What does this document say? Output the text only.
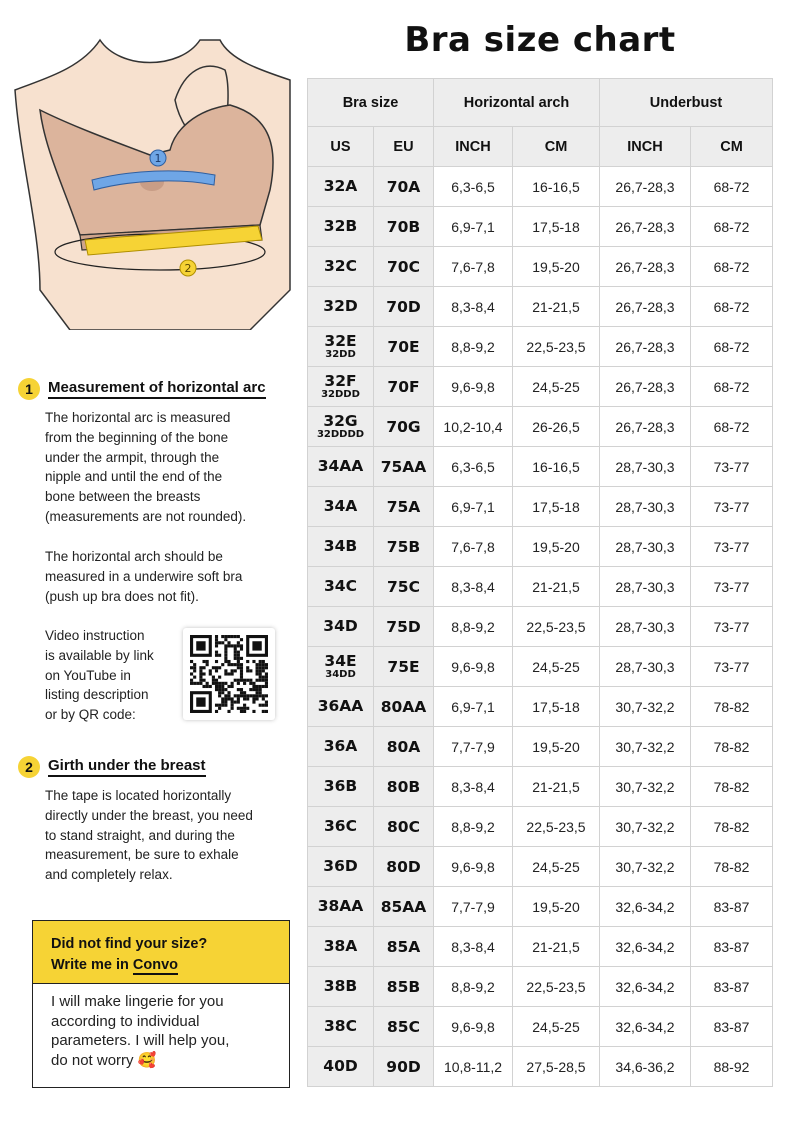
Bra size chart
1
2
1	Measurement of horizontal arc
The horizontal arc is measured
from the beginning of the bone
under the armpit, through the
nipple and until the end of the
bone between the breasts
(measurements are not rounded).
The horizontal arch should be
measured in a underwire soft bra
(push up bra does not fit).
Video instruction
is available by link
on YouTube in
listing description
or by QR code:
2	Girth under the breast
The tape is located horizontally
directly under the breast, you need
to stand straight, and during the
measurement, be sure to exhale
and completely relax.
Did not find your size?
Write me in Convo
I will make lingerie for you
according to individual
parameters. I will help you,
do not worry 🥰
Bra size		Horizontal arch		Underbust	
US	EU	INCH	CM	INCH	CM

32A	70A	6,3-6,5	16-16,5	26,7-28,3	68-72

32B	70B	6,9-7,1	17,5-18	26,7-28,3	68-72

32C	70C	7,6-7,8	19,5-20	26,7-28,3	68-72

32D	70D	8,3-8,4	21-21,5	26,7-28,3	68-72

32E
32DD	70E	8,8-9,2	22,5-23,5	26,7-28,3	68-72

32F
32DDD	70F	9,6-9,8	24,5-25	26,7-28,3	68-72

32G
32DDDD	70G	10,2-10,4	26-26,5	26,7-28,3	68-72

34AA	75AA	6,3-6,5	16-16,5	28,7-30,3	73-77

34A	75A	6,9-7,1	17,5-18	28,7-30,3	73-77

34B	75B	7,6-7,8	19,5-20	28,7-30,3	73-77

34C	75C	8,3-8,4	21-21,5	28,7-30,3	73-77

34D	75D	8,8-9,2	22,5-23,5	28,7-30,3	73-77

34E
34DD	75E	9,6-9,8	24,5-25	28,7-30,3	73-77

36AA	80AA	6,9-7,1	17,5-18	30,7-32,2	78-82

36A	80A	7,7-7,9	19,5-20	30,7-32,2	78-82

36B	80B	8,3-8,4	21-21,5	30,7-32,2	78-82

36C	80C	8,8-9,2	22,5-23,5	30,7-32,2	78-82

36D	80D	9,6-9,8	24,5-25	30,7-32,2	78-82

38AA	85AA	7,7-7,9	19,5-20	32,6-34,2	83-87

38A	85A	8,3-8,4	21-21,5	32,6-34,2	83-87

38B	85B	8,8-9,2	22,5-23,5	32,6-34,2	83-87

38C	85C	9,6-9,8	24,5-25	32,6-34,2	83-87

40D	90D	10,8-11,2	27,5-28,5	34,6-36,2	88-92
